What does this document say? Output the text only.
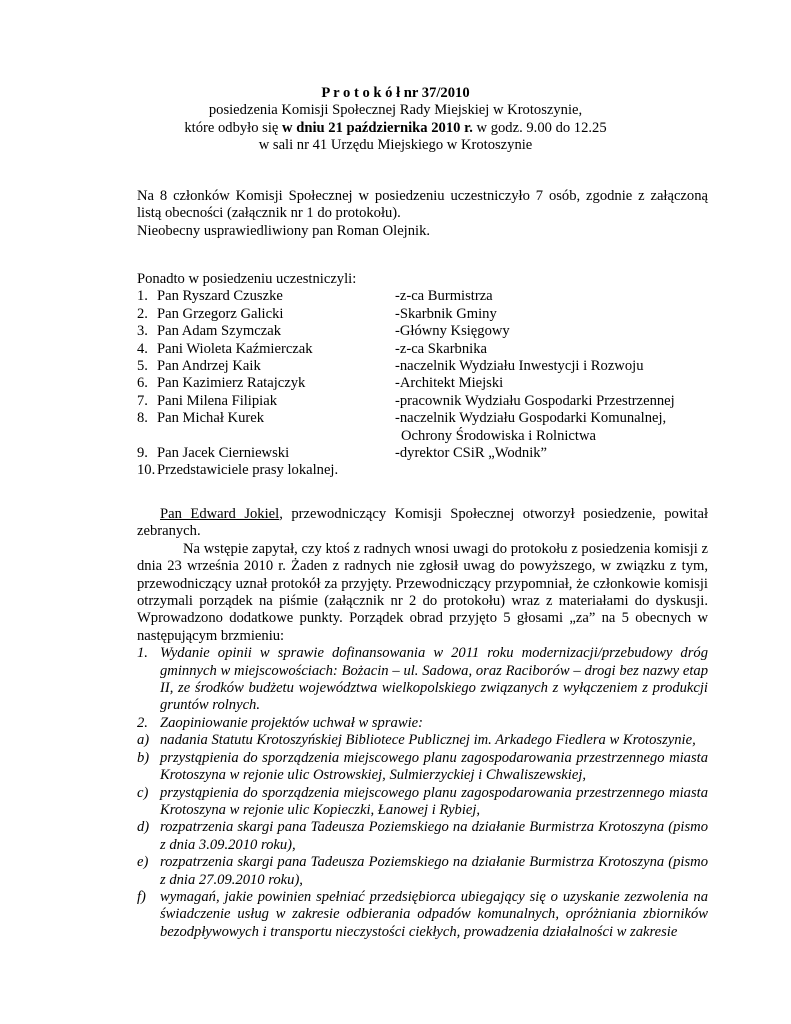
P r o t o k ó ł nr 37/2010
posiedzenia Komisji Społecznej Rady Miejskiej w Krotoszynie,
które odbyło się w dniu 21 października 2010 r. w godz. 9.00 do 12.25
w sali nr 41 Urzędu Miejskiego w Krotoszynie

Na 8 członków Komisji Społecznej w posiedzeniu uczestniczyło 7 osób, zgodnie z załączoną listą obecności (załącznik nr 1 do protokołu).

Nieobecny usprawiedliwiony pan Roman Olejnik.

Ponadto w posiedzeniu uczestniczyli:
1. Pan Ryszard Czuszke	-z-ca Burmistrza
2. Pan Grzegorz Galicki	-Skarbnik Gminy
3. Pan Adam Szymczak	-Główny Księgowy
4. Pani Wioleta Kaźmierczak	-z-ca Skarbnika
5. Pan Andrzej Kaik	-naczelnik Wydziału Inwestycji i Rozwoju
6. Pan Kazimierz Ratajczyk	-Architekt Miejski
7. Pani Milena Filipiak	-pracownik Wydziału Gospodarki Przestrzennej
8. Pan Michał Kurek	-naczelnik Wydziału Gospodarki Komunalnej,
Ochrony Środowiska i Rolnictwa
9. Pan Jacek Cierniewski	-dyrektor CSiR „Wodnik”
10. Przedstawiciele prasy lokalnej.

Pan Edward Jokiel, przewodniczący Komisji Społecznej otworzył posiedzenie, powitał zebranych.

Na wstępie zapytał, czy ktoś z radnych wnosi uwagi do protokołu z posiedzenia komisji z dnia 23 września 2010 r. Żaden z radnych nie zgłosił uwag do powyższego, w związku z tym, przewodniczący uznał protokół za przyjęty. Przewodniczący przypomniał, że członkowie komisji otrzymali porządek na piśmie (załącznik nr 2 do protokołu) wraz z materiałami do dyskusji. Wprowadzono dodatkowe punkty. Porządek obrad przyjęto 5 głosami „za” na 5 obecnych w następującym brzmieniu:

1. Wydanie opinii w sprawie dofinansowania w 2011 roku modernizacji/przebudowy dróg gminnych w miejscowościach: Bożacin – ul. Sadowa, oraz Raciborów – drogi bez nazwy etap II, ze środków budżetu województwa wielkopolskiego związanych z wyłączeniem z produkcji gruntów rolnych.
2. Zaopiniowanie projektów uchwał w sprawie:
a) nadania Statutu Krotoszyńskiej Bibliotece Publicznej im. Arkadego Fiedlera w Krotoszynie,
b) przystąpienia do sporządzenia miejscowego planu zagospodarowania przestrzennego miasta Krotoszyna w rejonie ulic Ostrowskiej, Sulmierzyckiej i Chwaliszewskiej,
c) przystąpienia do sporządzenia miejscowego planu zagospodarowania przestrzennego miasta Krotoszyna w rejonie ulic Kopieczki, Łanowej i Rybiej,
d) rozpatrzenia skargi pana Tadeusza Poziemskiego na działanie Burmistrza Krotoszyna (pismo z dnia 3.09.2010 roku),
e) rozpatrzenia skargi pana Tadeusza Poziemskiego na działanie Burmistrza Krotoszyna (pismo z dnia 27.09.2010 roku),
f) wymagań, jakie powinien spełniać przedsiębiorca ubiegający się o uzyskanie zezwolenia na świadczenie usług w zakresie odbierania odpadów komunalnych, opróżniania zbiorników bezodpływowych i transportu nieczystości ciekłych, prowadzenia działalności w zakresie
